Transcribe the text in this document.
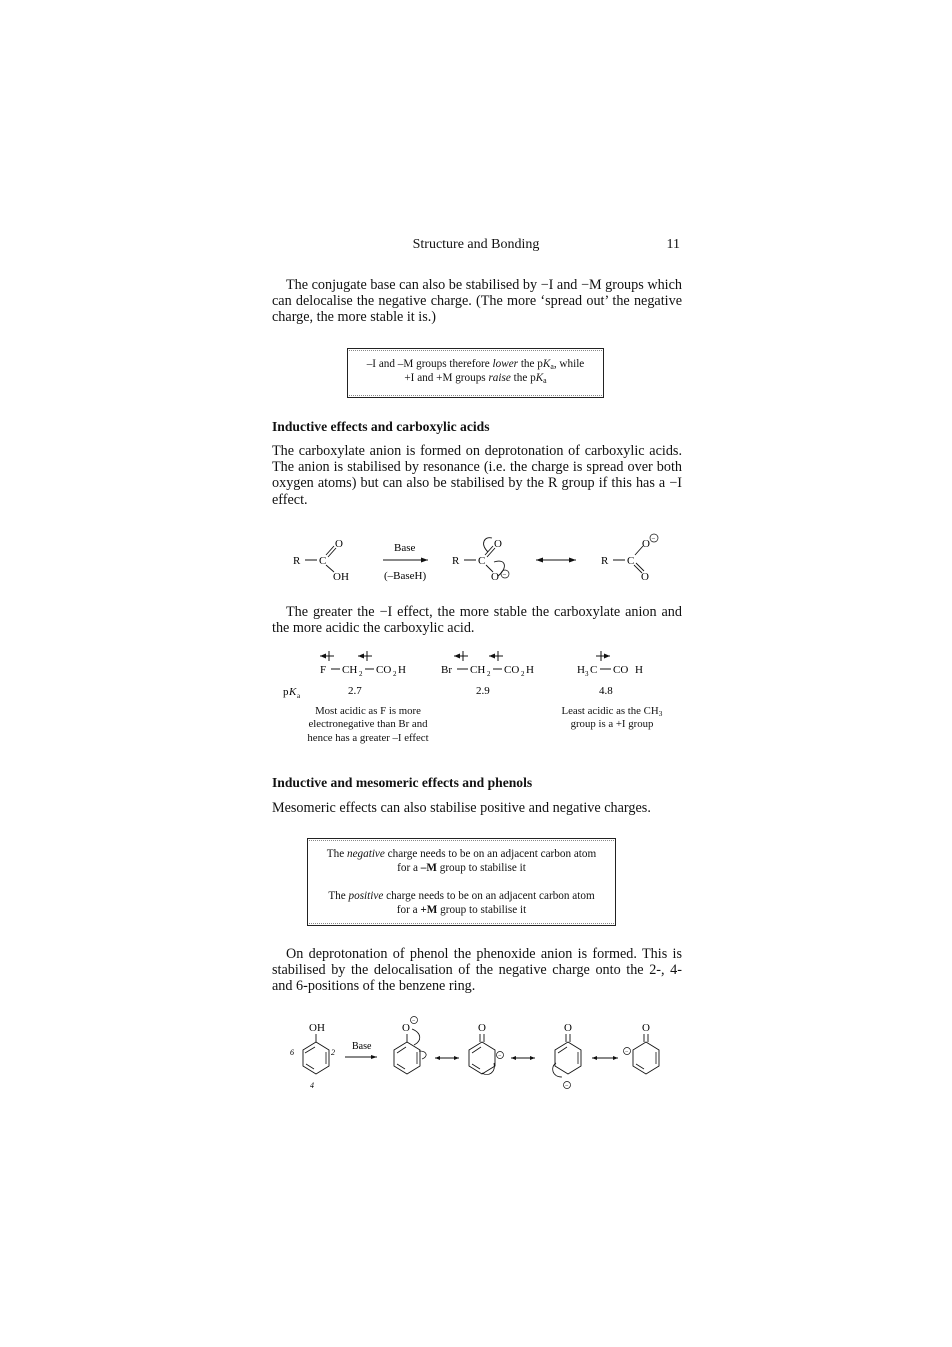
Structure and Bonding	11

The conjugate base can also be stabilised by −I and −M groups which can delocalise the negative charge. (The more ‘spread out’ the negative charge, the more stable it is.)

–I and –M groups therefore lower the $pK_a$, while

+I and +M groups raise the $pK_a$

Inductive effects and carboxylic acids

The carboxylate anion is formed on deprotonation of carboxylic acids. The anion is stabilised by resonance (i.e. the charge is spread over both oxygen atoms) but can also be stabilised by the R group if this has a −I effect.

R C
O
OH
Base
(–BaseH)
R C
O
O −
R C
O −
O

The greater the −I effect, the more stable the carboxylate anion and the more acidic the carboxylic acid.

F CH 2 CO 2 H	Br CH 2 CO 2 H	H 3 C CO H
p K a	2.7	2.9	4.8
Most acidic as F is more
electronegative than Br and
hence has a greater –I effect
Least acidic as the $CH_3$
group is a +I group
Inductive and mesomeric effects and phenols

Mesomeric effects can also stabilise positive and negative charges.

The negative charge needs to be on an adjacent carbon atom

for a –M group to stabilise it

The positive charge needs to be on an adjacent carbon atom

for a +M group to stabilise it

On deprotonation of phenol the phenoxide anion is formed. This is stabilised by the delocalisation of the negative charge onto the 2-, 4- and 6-positions of the benzene ring.

OH
6	2
4
Base
O
−
O
−
O
−
O
−
